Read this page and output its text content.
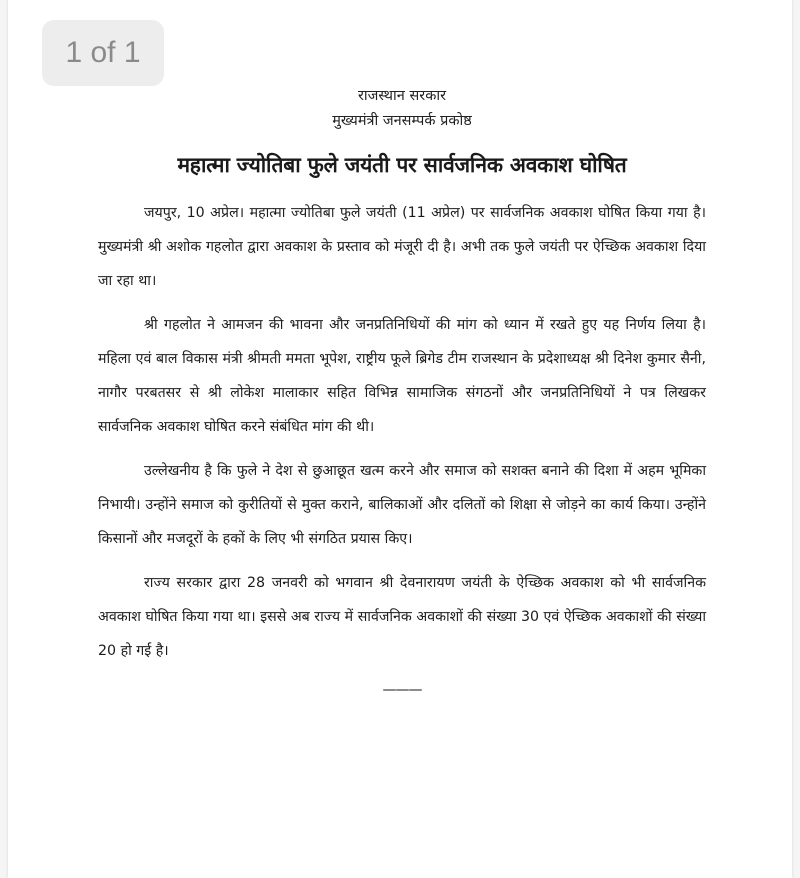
1 of 1
राजस्थान सरकार
मुख्यमंत्री जनसम्पर्क प्रकोष्ठ
महात्मा ज्योतिबा फुले जयंती पर सार्वजनिक अवकाश घोषित

जयपुर, 10 अप्रेल। महात्मा ज्योतिबा फुले जयंती (11 अप्रेल) पर सार्वजनिक अवकाश घोषित किया गया है। मुख्यमंत्री श्री अशोक गहलोत द्वारा अवकाश के प्रस्ताव को मंजूरी दी है। अभी तक फुले जयंती पर ऐच्छिक अवकाश दिया जा रहा था।

श्री गहलोत ने आमजन की भावना और जनप्रतिनिधियों की मांग को ध्यान में रखते हुए यह निर्णय लिया है। महिला एवं बाल विकास मंत्री श्रीमती ममता भूपेश, राष्ट्रीय फूले ब्रिगेड टीम राजस्थान के प्रदेशाध्यक्ष श्री दिनेश कुमार सैनी, नागौर परबतसर से श्री लोकेश मालाकार सहित विभिन्न सामाजिक संगठनों और जनप्रतिनिधियों ने पत्र लिखकर सार्वजनिक अवकाश घोषित करने संबंधित मांग की थी।

उल्लेखनीय है कि फुले ने देश से छुआछूत खत्म करने और समाज को सशक्त बनाने की दिशा में अहम भूमिका निभायी। उन्होंने समाज को कुरीतियों से मुक्त कराने, बालिकाओं और दलितों को शिक्षा से जोड़ने का कार्य किया। उन्होंने किसानों और मजदूरों के हकों के लिए भी संगठित प्रयास किए।

राज्य सरकार द्वारा 28 जनवरी को भगवान श्री देवनारायण जयंती के ऐच्छिक अवकाश को भी सार्वजनिक अवकाश घोषित किया गया था। इससे अब राज्य में सार्वजनिक अवकाशों की संख्या 30 एवं ऐच्छिक अवकाशों की संख्या 20 हो गई है।

———
